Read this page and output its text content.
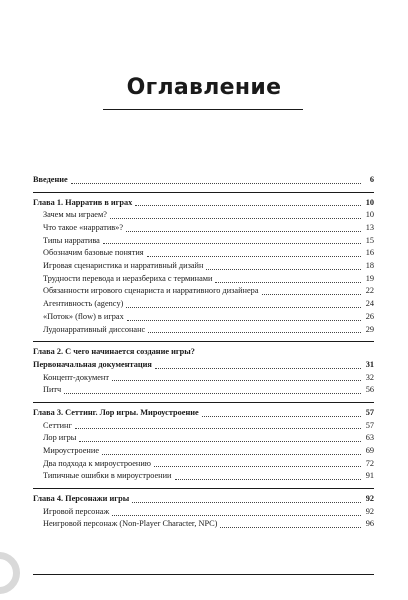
Оглавление
Введение	6
Глава 1. Нарратив в играх	10
Зачем мы играем?	10
Что такое «нарратив»?	13
Типы нарратива	15
Обозначим базовые понятия	16
Игровая сценаристика и нарративный дизайн	18
Трудности перевода и неразбериха с терминами	19
Обязанности игрового сценариста и нарративного дизайнера	22
Агентивность (agency)	24
«Поток» (flow) в играх	26
Лудонарративный диссонанс	29
Глава 2. С чего начинается создание игры?
Первоначальная документация	31
Концепт-документ	32
Питч	56
Глава 3. Сеттинг. Лор игры. Мироустроение	57
Сеттинг	57
Лор игры	63
Мироустроение	69
Два подхода к мироустроению	72
Типичные ошибки в мироустроении	91
Глава 4. Персонажи игры	92
Игровой персонаж	92
Неигровой персонаж (Non-Player Character, NPC)	96
